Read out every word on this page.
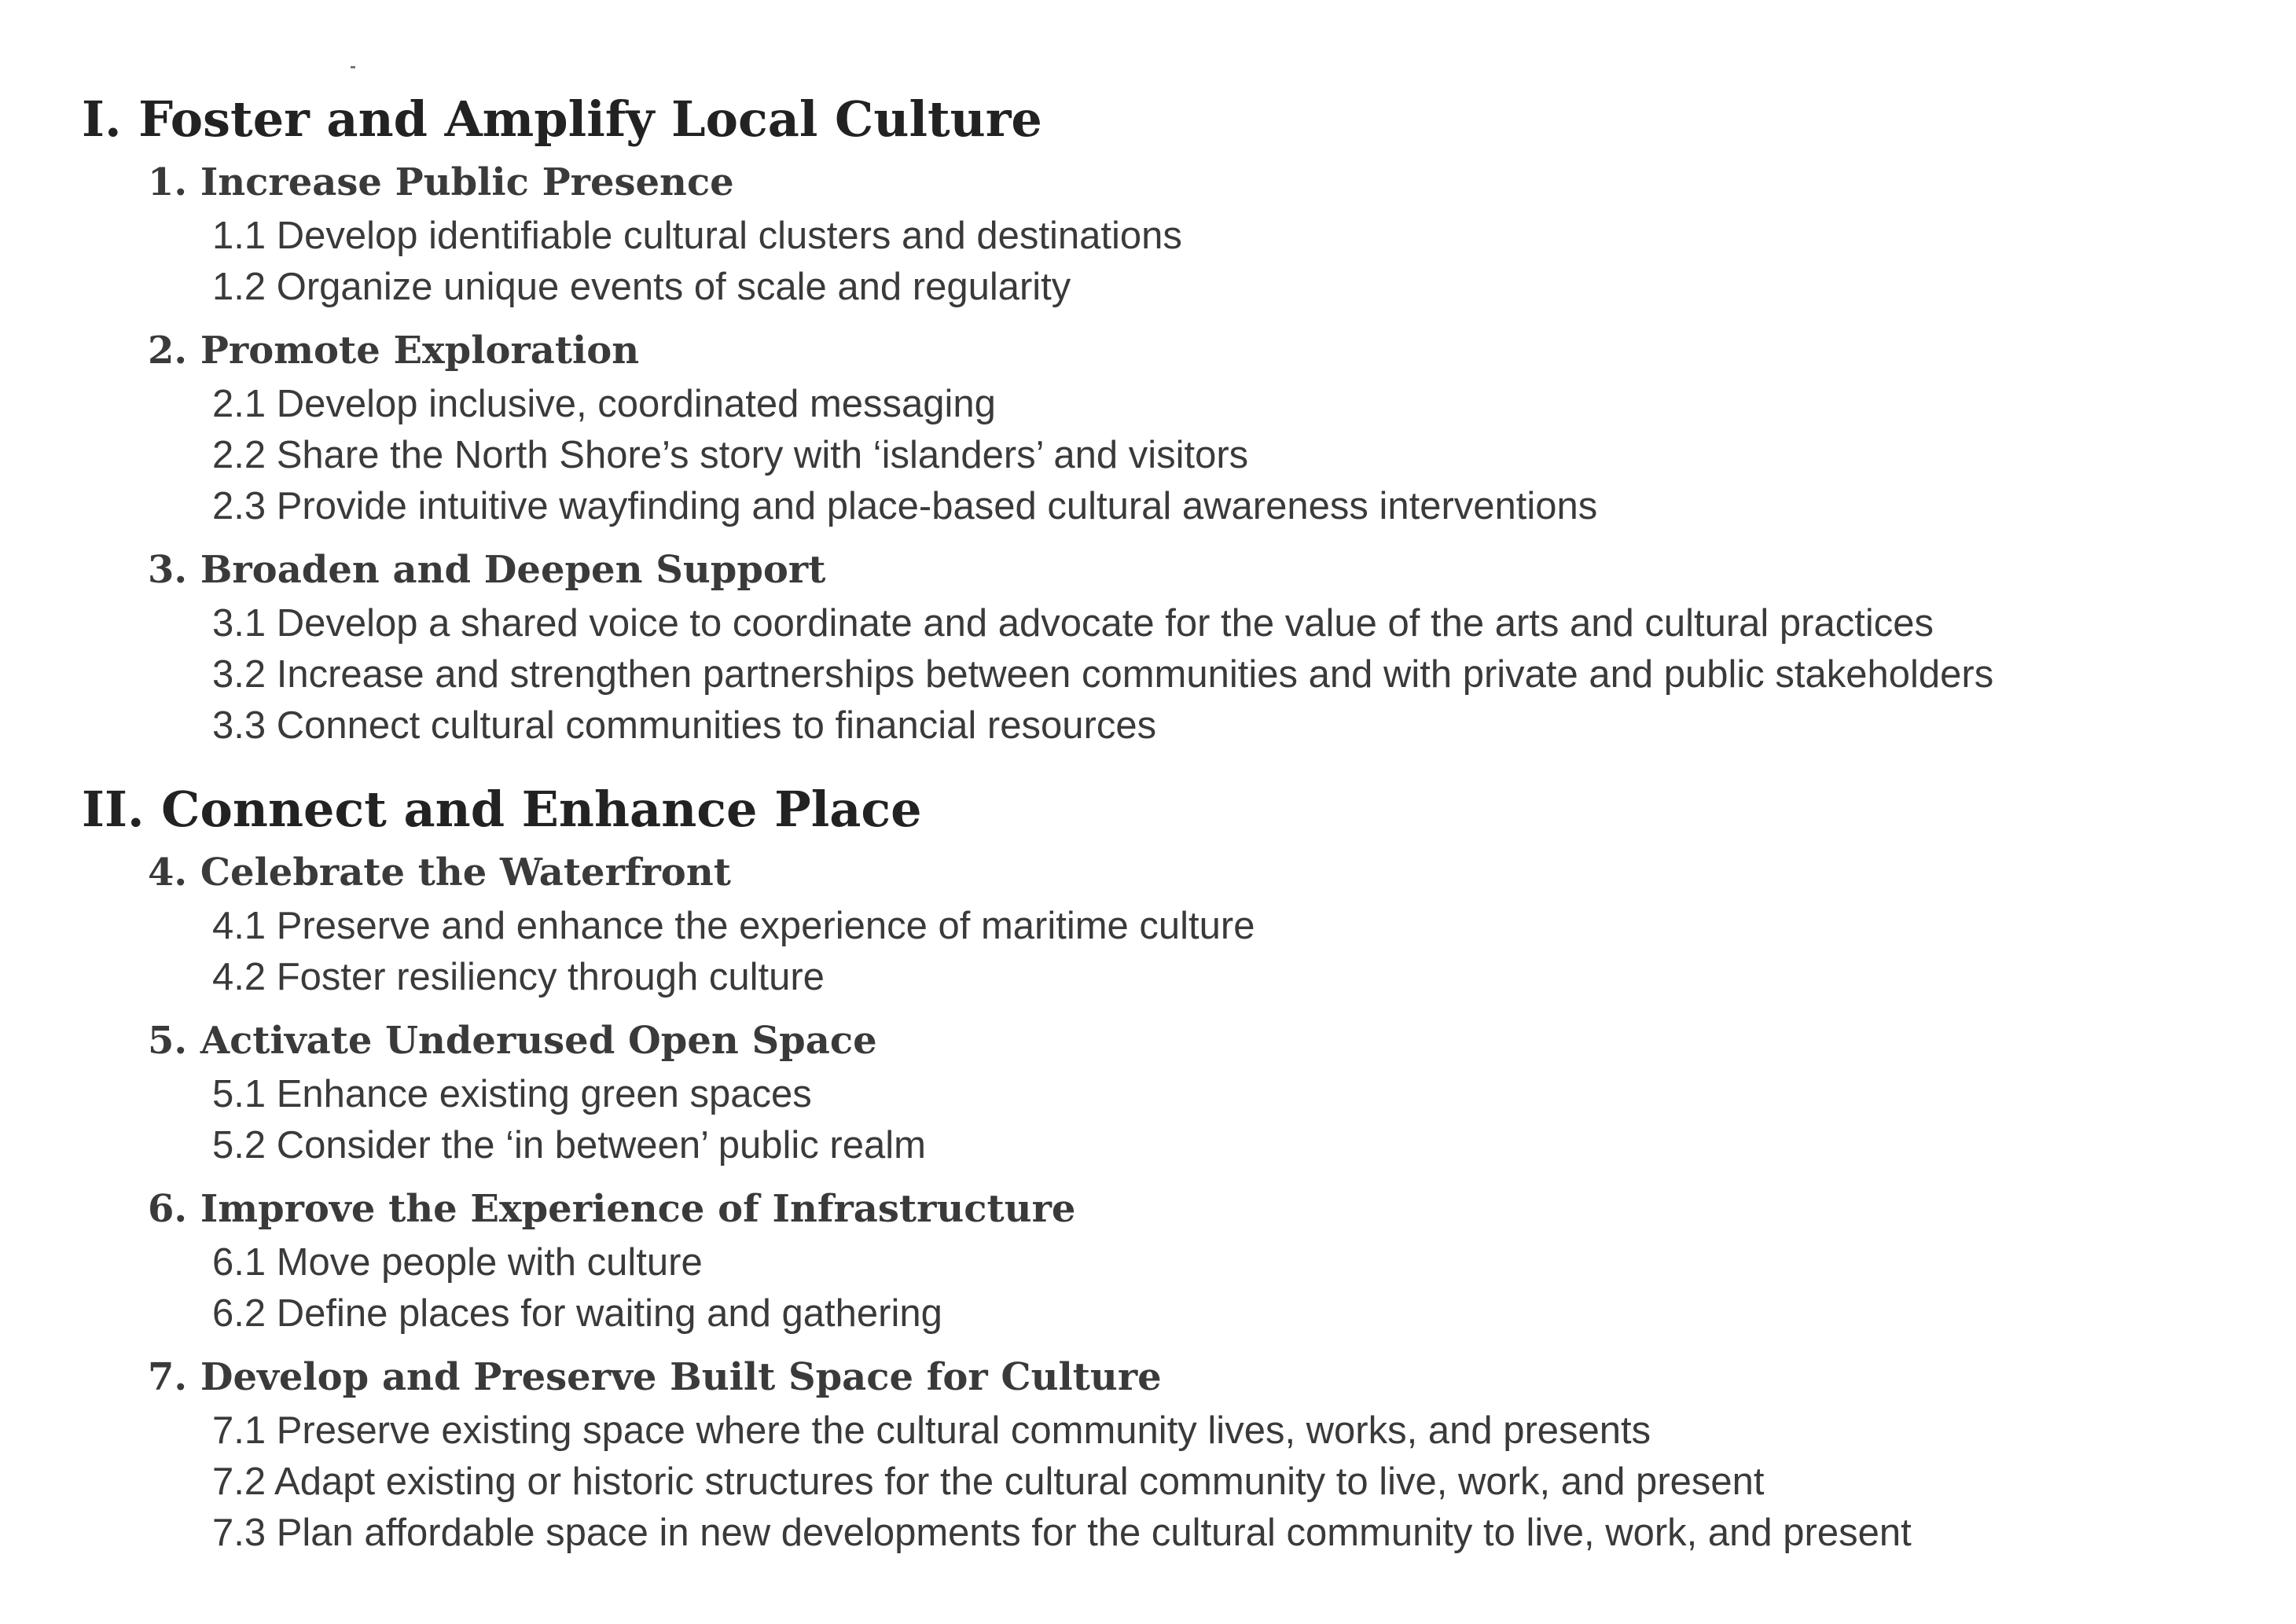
I. Foster and Amplify Local Culture
1. Increase Public Presence
1.1 Develop identifiable cultural clusters and destinations
1.2 Organize unique events of scale and regularity
2. Promote Exploration
2.1 Develop inclusive, coordinated messaging
2.2 Share the North Shore’s story with ‘islanders’ and visitors
2.3 Provide intuitive wayfinding and place-based cultural awareness interventions
3. Broaden and Deepen Support
3.1 Develop a shared voice to coordinate and advocate for the value of the arts and cultural practices
3.2 Increase and strengthen partnerships between communities and with private and public stakeholders
3.3 Connect cultural communities to financial resources
II. Connect and Enhance Place
4. Celebrate the Waterfront
4.1 Preserve and enhance the experience of maritime culture
4.2 Foster resiliency through culture
5. Activate Underused Open Space
5.1 Enhance existing green spaces
5.2 Consider the ‘in between’ public realm
6. Improve the Experience of Infrastructure
6.1 Move people with culture
6.2 Define places for waiting and gathering
7. Develop and Preserve Built Space for Culture
7.1 Preserve existing space where the cultural community lives, works, and presents
7.2 Adapt existing or historic structures for the cultural community to live, work, and present
7.3 Plan affordable space in new developments for the cultural community to live, work, and present
